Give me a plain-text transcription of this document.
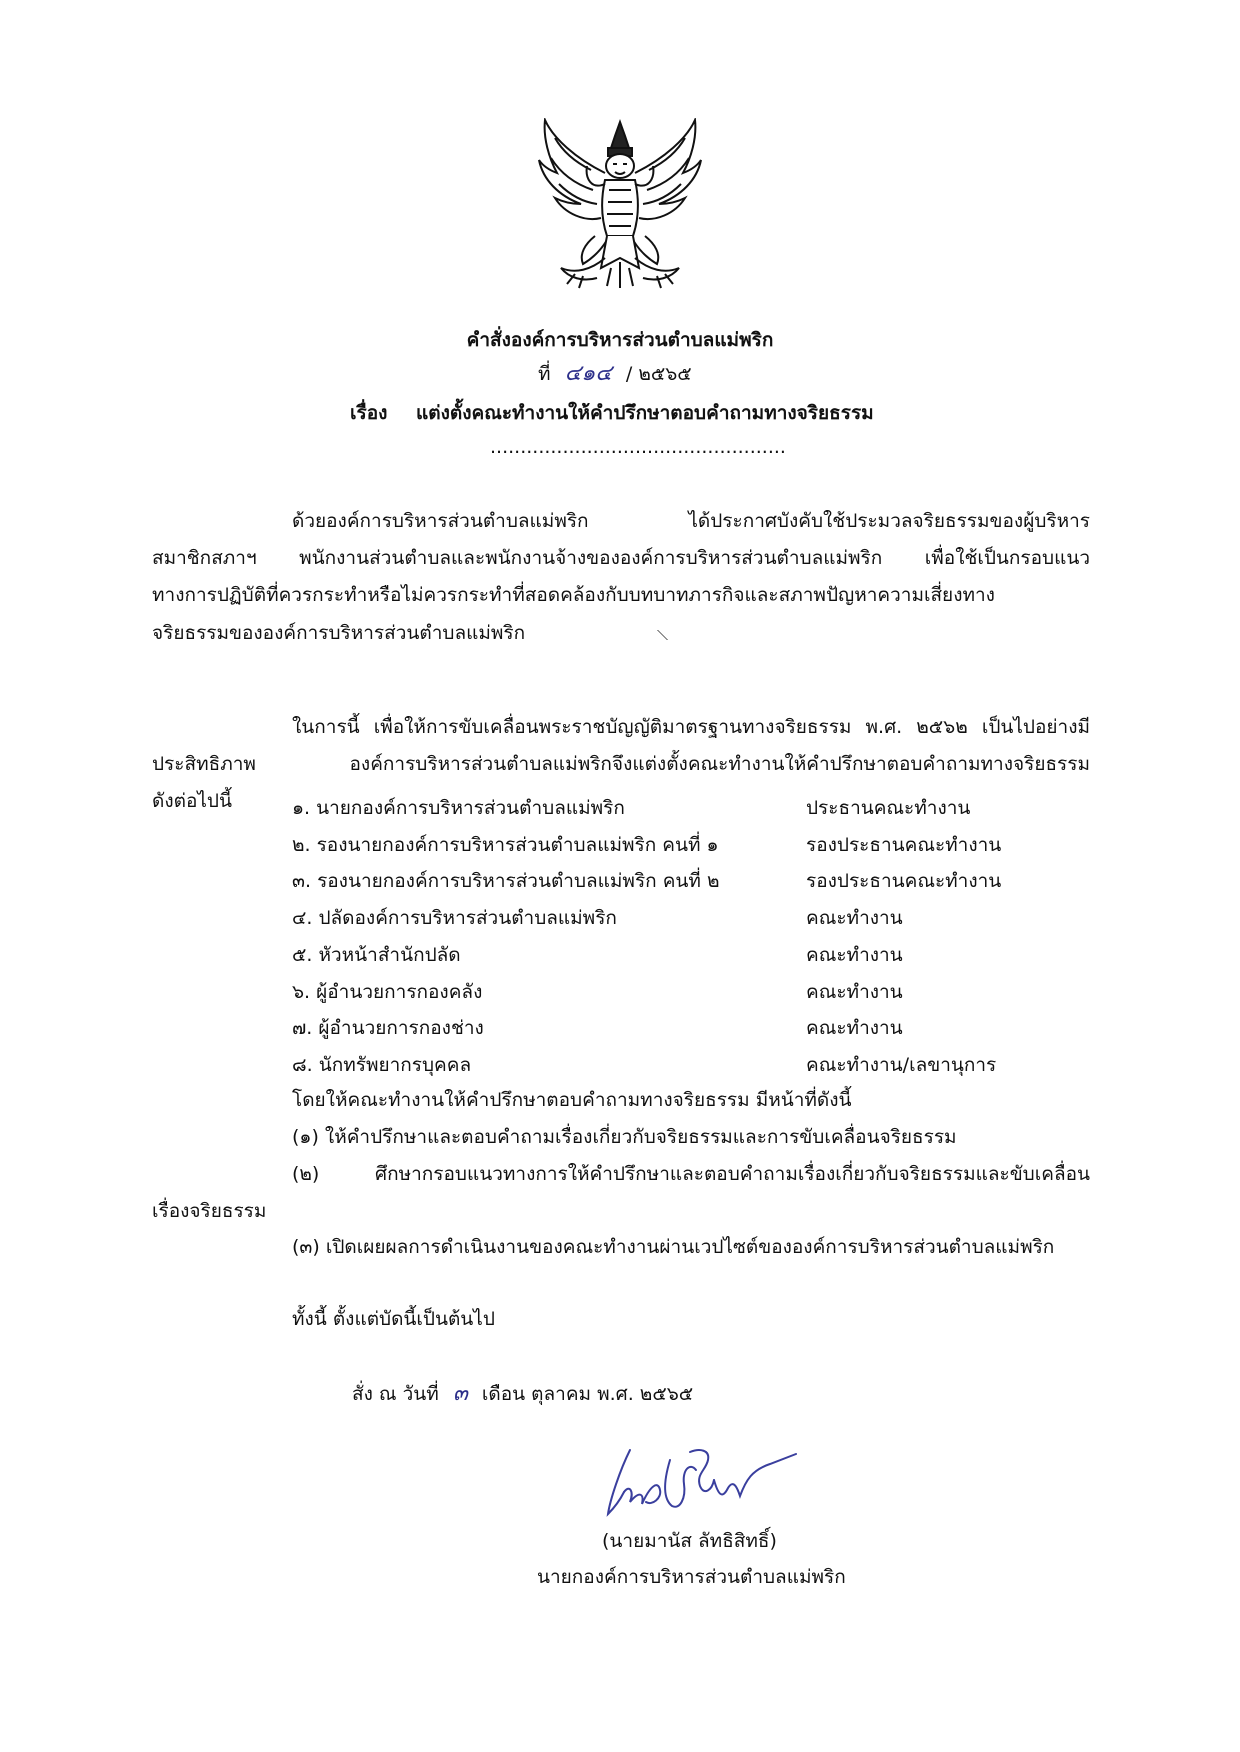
คำสั่งองค์การบริหารส่วนตำบลแม่พริก
ที่ ๔๑๔ / ๒๕๖๕
เรื่อง แต่งตั้งคณะทำงานให้คำปรึกษาตอบคำถามทางจริยธรรม
.................................................
ด้วยองค์การบริหารส่วนตำบลแม่พริก ได้ประกาศบังคับใช้ประมวลจริยธรรมของผู้บริหาร
สมาชิกสภาฯ พนักงานส่วนตำบลและพนักงานจ้างขององค์การบริหารส่วนตำบลแม่พริก เพื่อใช้เป็นกรอบแนว
ทางการปฏิบัติที่ควรกระทำหรือไม่ควรกระทำที่สอดคล้องกับบทบาทภารกิจและสภาพปัญหาความเสี่ยงทาง
จริยธรรมขององค์การบริหารส่วนตำบลแม่พริก
ในการนี้ เพื่อให้การขับเคลื่อนพระราชบัญญัติมาตรฐานทางจริยธรรม พ.ศ. ๒๕๖๒ เป็นไปอย่างมี
ประสิทธิภาพ องค์การบริหารส่วนตำบลแม่พริกจึงแต่งตั้งคณะทำงานให้คำปรึกษาตอบคำถามทางจริยธรรม
ดังต่อไปนี้	๑. นายกองค์การบริหารส่วนตำบลแม่พริก	ประธานคณะทำงาน
๒. รองนายกองค์การบริหารส่วนตำบลแม่พริก คนที่ ๑	รองประธานคณะทำงาน
๓. รองนายกองค์การบริหารส่วนตำบลแม่พริก คนที่ ๒	รองประธานคณะทำงาน
๔. ปลัดองค์การบริหารส่วนตำบลแม่พริก	คณะทำงาน
๕. หัวหน้าสำนักปลัด	คณะทำงาน
๖. ผู้อำนวยการกองคลัง	คณะทำงาน
๗. ผู้อำนวยการกองช่าง	คณะทำงาน
๘. นักทรัพยากรบุคคล	คณะทำงาน/เลขานุการ
โดยให้คณะทำงานให้คำปรึกษาตอบคำถามทางจริยธรรม มีหน้าที่ดังนี้
(๑) ให้คำปรึกษาและตอบคำถามเรื่องเกี่ยวกับจริยธรรมและการขับเคลื่อนจริยธรรม
(๒) ศึกษากรอบแนวทางการให้คำปรึกษาและตอบคำถามเรื่องเกี่ยวกับจริยธรรมและขับเคลื่อน
เรื่องจริยธรรม
(๓) เปิดเผยผลการดำเนินงานของคณะทำงานผ่านเวปไซต์ขององค์การบริหารส่วนตำบลแม่พริก
ทั้งนี้ ตั้งแต่บัดนี้เป็นต้นไป
สั่ง ณ วันที่ ๓ เดือน ตุลาคม พ.ศ. ๒๕๖๕
(นายมานัส ลัทธิสิทธิ์)
นายกองค์การบริหารส่วนตำบลแม่พริก
